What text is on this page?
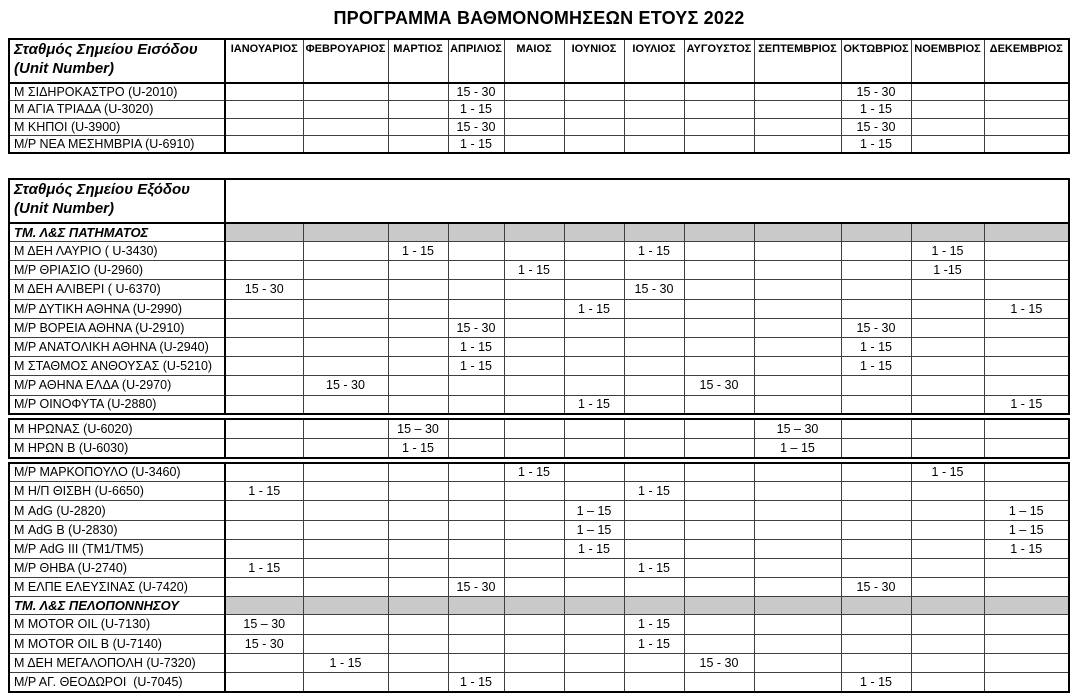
ΠΡΟΓΡΑΜΜΑ ΒΑΘΜΟΝΟΜΗΣΕΩΝ ΕΤΟΥΣ 2022
Σταθμός Σημείου Εισόδου
(Unit Number)	ΙΑΝΟΥΑΡΙΟΣ	ΦΕΒΡΟΥΑΡΙΟΣ	ΜΑΡΤΙΟΣ	ΑΠΡΙΛΙΟΣ	ΜΑΙΟΣ	ΙΟΥΝΙΟΣ	ΙΟΥΛΙΟΣ	ΑΥΓΟΥΣΤΟΣ	ΣΕΠΤΕΜΒΡΙΟΣ	ΟΚΤΩΒΡΙΟΣ	ΝΟΕΜΒΡΙΟΣ	ΔΕΚΕΜΒΡΙΟΣ
Μ ΣΙΔΗΡΟΚΑΣΤΡΟ (U-2010)				15 - 30						15 - 30		
Μ ΑΓΙΑ ΤΡΙΑΔΑ (U-3020)				1 - 15						1 - 15		
Μ ΚΗΠΟΙ (U-3900)				15 - 30						15 - 30		
Μ/Ρ ΝΕΑ ΜΕΣΗΜΒΡΙΑ (U-6910)				1 - 15						1 - 15		
Σταθμός Σημείου Εξόδου
(Unit Number)												

ΤΜ. Λ&Σ ΠΑΤΗΜΑΤΟΣ												
Μ ΔΕΗ ΛΑΥΡΙΟ ( U-3430)			1 - 15				1 - 15				1 - 15	
Μ/Ρ ΘΡΙΑΣΙΟ (U-2960)					1 - 15						1 -15	
Μ ΔΕΗ ΑΛΙΒΕΡΙ ( U-6370)	15 - 30						15 - 30					
Μ/Ρ ΔΥΤΙΚΗ ΑΘΗΝΑ (U-2990)						1 - 15						1 - 15
Μ/Ρ ΒΟΡΕΙΑ ΑΘΗΝΑ (U-2910)				15 - 30						15 - 30		
Μ/Ρ ΑΝΑΤΟΛΙΚΗ ΑΘΗΝΑ (U-2940)				1 - 15						1 - 15		
Μ ΣΤΑΘΜΟΣ ΑΝΘΟΥΣΑΣ (U-5210)				1 - 15						1 - 15		
Μ/Ρ ΑΘΗΝΑ ΕΛΔΑ (U-2970)		15 - 30						15 - 30				
Μ/Ρ ΟΙΝΟΦΥΤΑ (U-2880)						1 - 15						1 - 15
Μ ΗΡΩΝΑΣ (U-6020)			15 – 30						15 – 30			
Μ ΗΡΩΝ Β (U-6030)			1 - 15						1 – 15			
Μ/Ρ ΜΑΡΚΟΠΟΥΛΟ (U-3460)					1 - 15						1 - 15	
Μ Η/Π ΘΙΣΒΗ (U-6650)	1 - 15						1 - 15					
Μ AdG (U-2820)						1 – 15						1 – 15
Μ AdG Β (U-2830)						1 – 15						1 – 15
Μ/Ρ AdG III (ΤΜ1/ΤΜ5)						1 - 15						1 - 15
Μ/Ρ ΘΗΒΑ (U-2740)	1 - 15						1 - 15					
Μ ΕΛΠΕ ΕΛΕΥΣΙΝΑΣ (U-7420)				15 - 30						15 - 30		
ΤΜ. Λ&Σ ΠΕΛΟΠΟΝΝΗΣΟΥ												
Μ MOTOR OIL (U-7130)	15 – 30						1 - 15					
Μ MOTOR OIL Β (U-7140)	15 - 30						1 - 15					
Μ ΔΕΗ ΜΕΓΑΛΟΠΟΛΗ (U-7320)		1 - 15						15 - 30				
Μ/Ρ ΑΓ. ΘΕΟΔΩΡΟΙ  (U-7045)				1 - 15						1 - 15		
